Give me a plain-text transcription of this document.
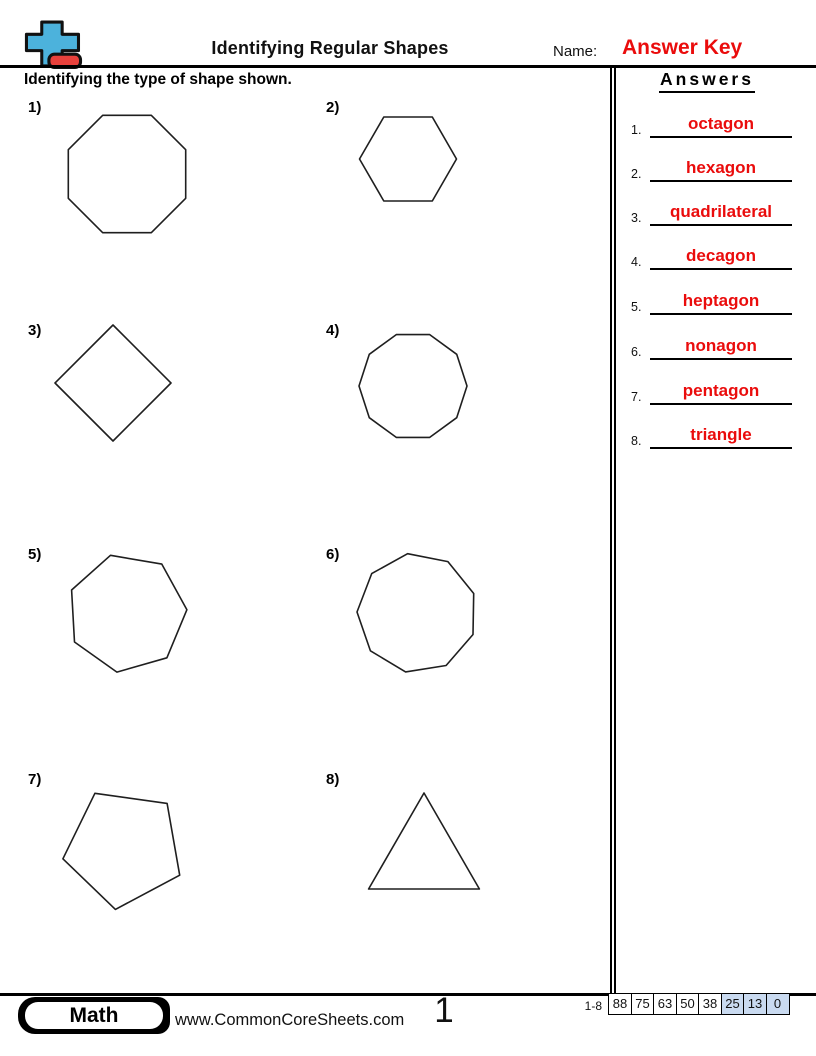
Identifying Regular Shapes	Name: Answer Key
Identifying the type of shape shown.
1)	2)
3)	4)
5)	6)
7)	8)
Answers
1.	octagon
2.	hexagon
3.	quadrilateral
4.	decagon
5.	heptagon
6.	nonagon
7.	pentagon
8.	triangle
Math	www.CommonCoreSheets.com 1	1-8 88 75 63 50 38 25 13 0
